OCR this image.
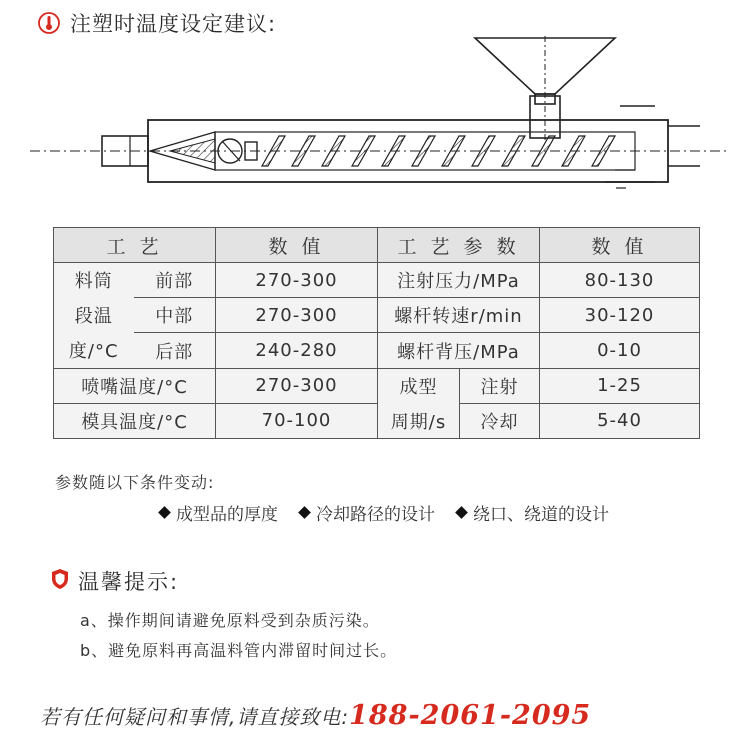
注塑时温度设定建议:
工 艺		数 值	工 艺 参 数		数 值
料筒	前部	270-300	注射压力/MPa		80-130
段温	中部	270-300	螺杆转速r/min		30-120
度/°C	后部	240-280	螺杆背压/MPa		0-10
喷嘴温度/°C		270-300	成型	注射	1-25
模具温度/°C		70-100	周期/s	冷却	5-40
参数随以下条件变动:
成型品的厚度 冷却路径的设计 绕口、绕道的设计
温馨提示:
a、操作期间请避免原料受到杂质污染。
b、避免原料再高温料管内滞留时间过长。
若有任何疑问和事情,请直接致电: 188-2061-2095
